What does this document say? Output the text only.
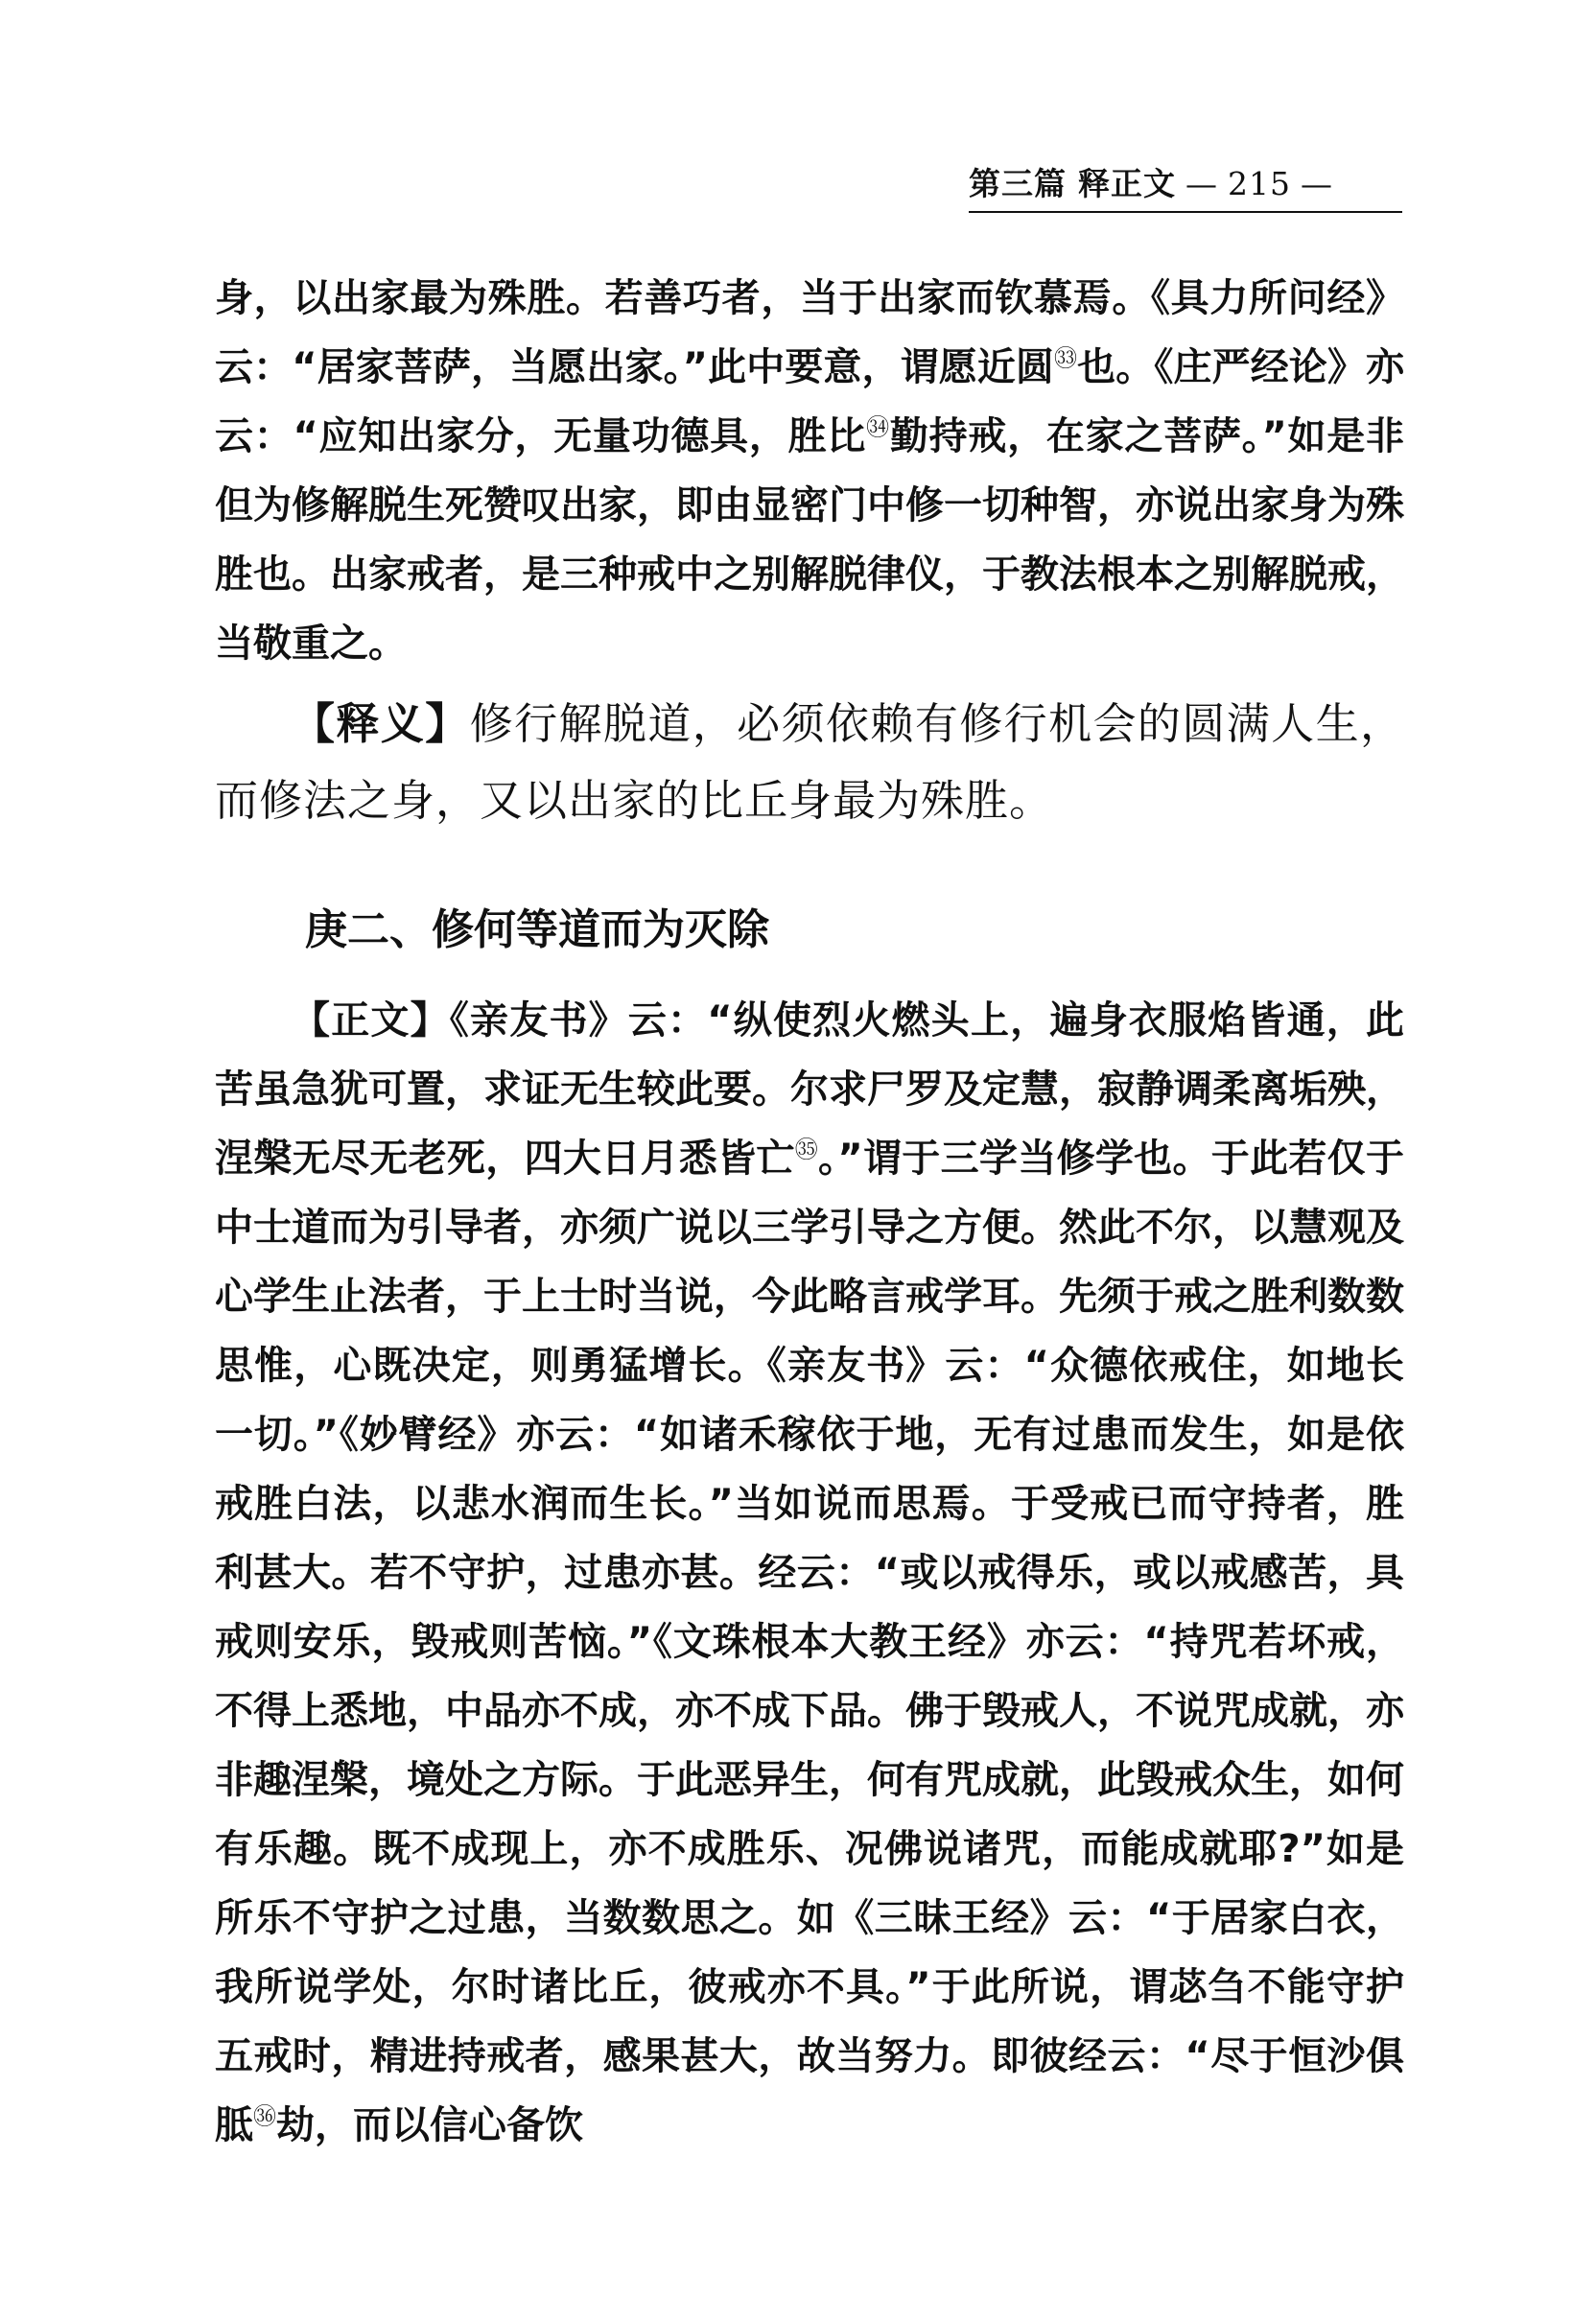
第三篇 释正文 — 215 —
身，以出家最为殊胜。若善巧者，当于出家而钦慕焉。《具力所问经》云：“居家菩萨，当愿出家。”此中要意，谓愿近圆$^㉝$也。《庄严经论》亦云：“应知出家分，无量功德具，胜比$^㉞$勤持戒，在家之菩萨。”如是非但为修解脱生死赞叹出家，即由显密门中修一切种智，亦说出家身为殊胜也。出家戒者，是三种戒中之别解脱律仪，于教法根本之别解脱戒，当敬重之。
【释义】修行解脱道，必须依赖有修行机会的圆满人生，而修法之身，又以出家的比丘身最为殊胜。
庚二、修何等道而为灭除
【正文】《亲友书》云：“纵使烈火燃头上，遍身衣服焰皆通，此苦虽急犹可置，求证无生较此要。尔求尸罗及定慧，寂静调柔离垢殃，涅槃无尽无老死，四大日月悉皆亡$^㉟$。”谓于三学当修学也。于此若仅于中士道而为引导者，亦须广说以三学引导之方便。然此不尔，以慧观及心学生止法者，于上士时当说，今此略言戒学耳。先须于戒之胜利数数思惟，心既决定，则勇猛增长。《亲友书》云：“众德依戒住，如地长一切。”《妙臂经》亦云：“如诸禾稼依于地，无有过患而发生，如是依戒胜白法，以悲水润而生长。”当如说而思焉。于受戒已而守持者，胜利甚大。若不守护，过患亦甚。经云：“或以戒得乐，或以戒感苦，具戒则安乐，毁戒则苦恼。”《文珠根本大教王经》亦云：“持咒若坏戒，不得上悉地，中品亦不成，亦不成下品。佛于毁戒人，不说咒成就，亦非趣涅槃，境处之方际。于此恶异生，何有咒成就，此毁戒众生，如何有乐趣。既不成现上，亦不成胜乐、况佛说诸咒，而能成就耶?”如是所乐不守护之过患，当数数思之。如《三昧王经》云：“于居家白衣，我所说学处，尔时诸比丘，彼戒亦不具。”于此所说，谓苾刍不能守护五戒时，精进持戒者，感果甚大，故当努力。即彼经云：“尽于恒沙俱胝$^㊱$劫，而以信心备饮
